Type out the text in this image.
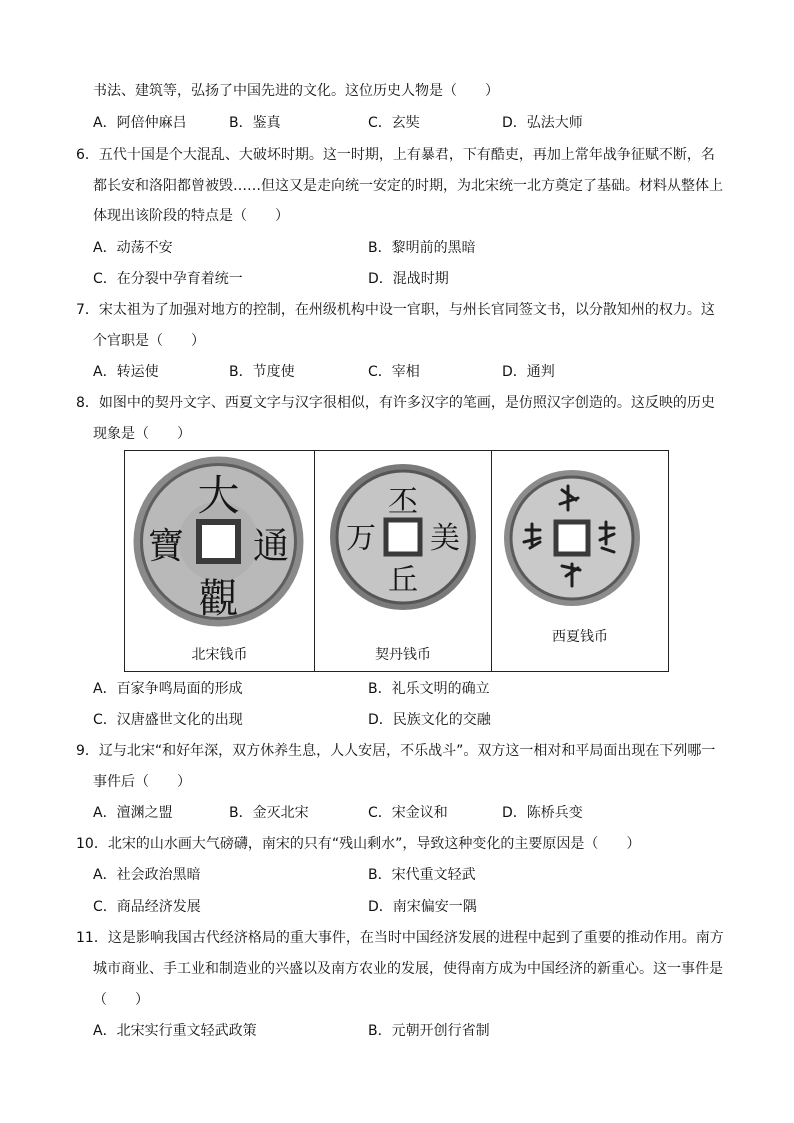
书法、建筑等，弘扬了中国先进的文化。这位历史人物是（　　）
A．阿倍仲麻吕	B．鉴真	C．玄奘	D．弘法大师
6．五代十国是个大混乱、大破坏时期。这一时期，上有暴君，下有酷吏，再加上常年战争征赋不断，名
都长安和洛阳都曾被毁……但这又是走向统一安定的时期，为北宋统一北方奠定了基础。材料从整体上
体现出该阶段的特点是（　　）
A．动荡不安	B．黎明前的黑暗
C．在分裂中孕育着统一	D．混战时期
7．宋太祖为了加强对地方的控制，在州级机构中设一官职，与州长官同签文书，以分散知州的权力。这
个官职是（　　）
A．转运使	B．节度使	C．宰相	D．通判
8．如图中的契丹文字、西夏文字与汉字很相似，有许多汉字的笔画，是仿照汉字创造的。这反映的历史
现象是（　　）
大
通
觀
寶
北宋钱币
丕
美
丘
万
契丹钱币
西夏钱币
A．百家争鸣局面的形成	B．礼乐文明的确立
C．汉唐盛世文化的出现	D．民族文化的交融
9．辽与北宋“和好年深，双方休养生息，人人安居，不乐战斗”。双方这一相对和平局面出现在下列哪一
事件后（　　）
A．澶渊之盟	B．金灭北宋	C．宋金议和	D．陈桥兵变
10．北宋的山水画大气磅礴，南宋的只有“残山剩水”，导致这种变化的主要原因是（　　）
A．社会政治黑暗	B．宋代重文轻武
C．商品经济发展	D．南宋偏安一隅
11．这是影响我国古代经济格局的重大事件，在当时中国经济发展的进程中起到了重要的推动作用。南方
城市商业、手工业和制造业的兴盛以及南方农业的发展，使得南方成为中国经济的新重心。这一事件是
（　　）
A．北宋实行重文轻武政策	B．元朝开创行省制
